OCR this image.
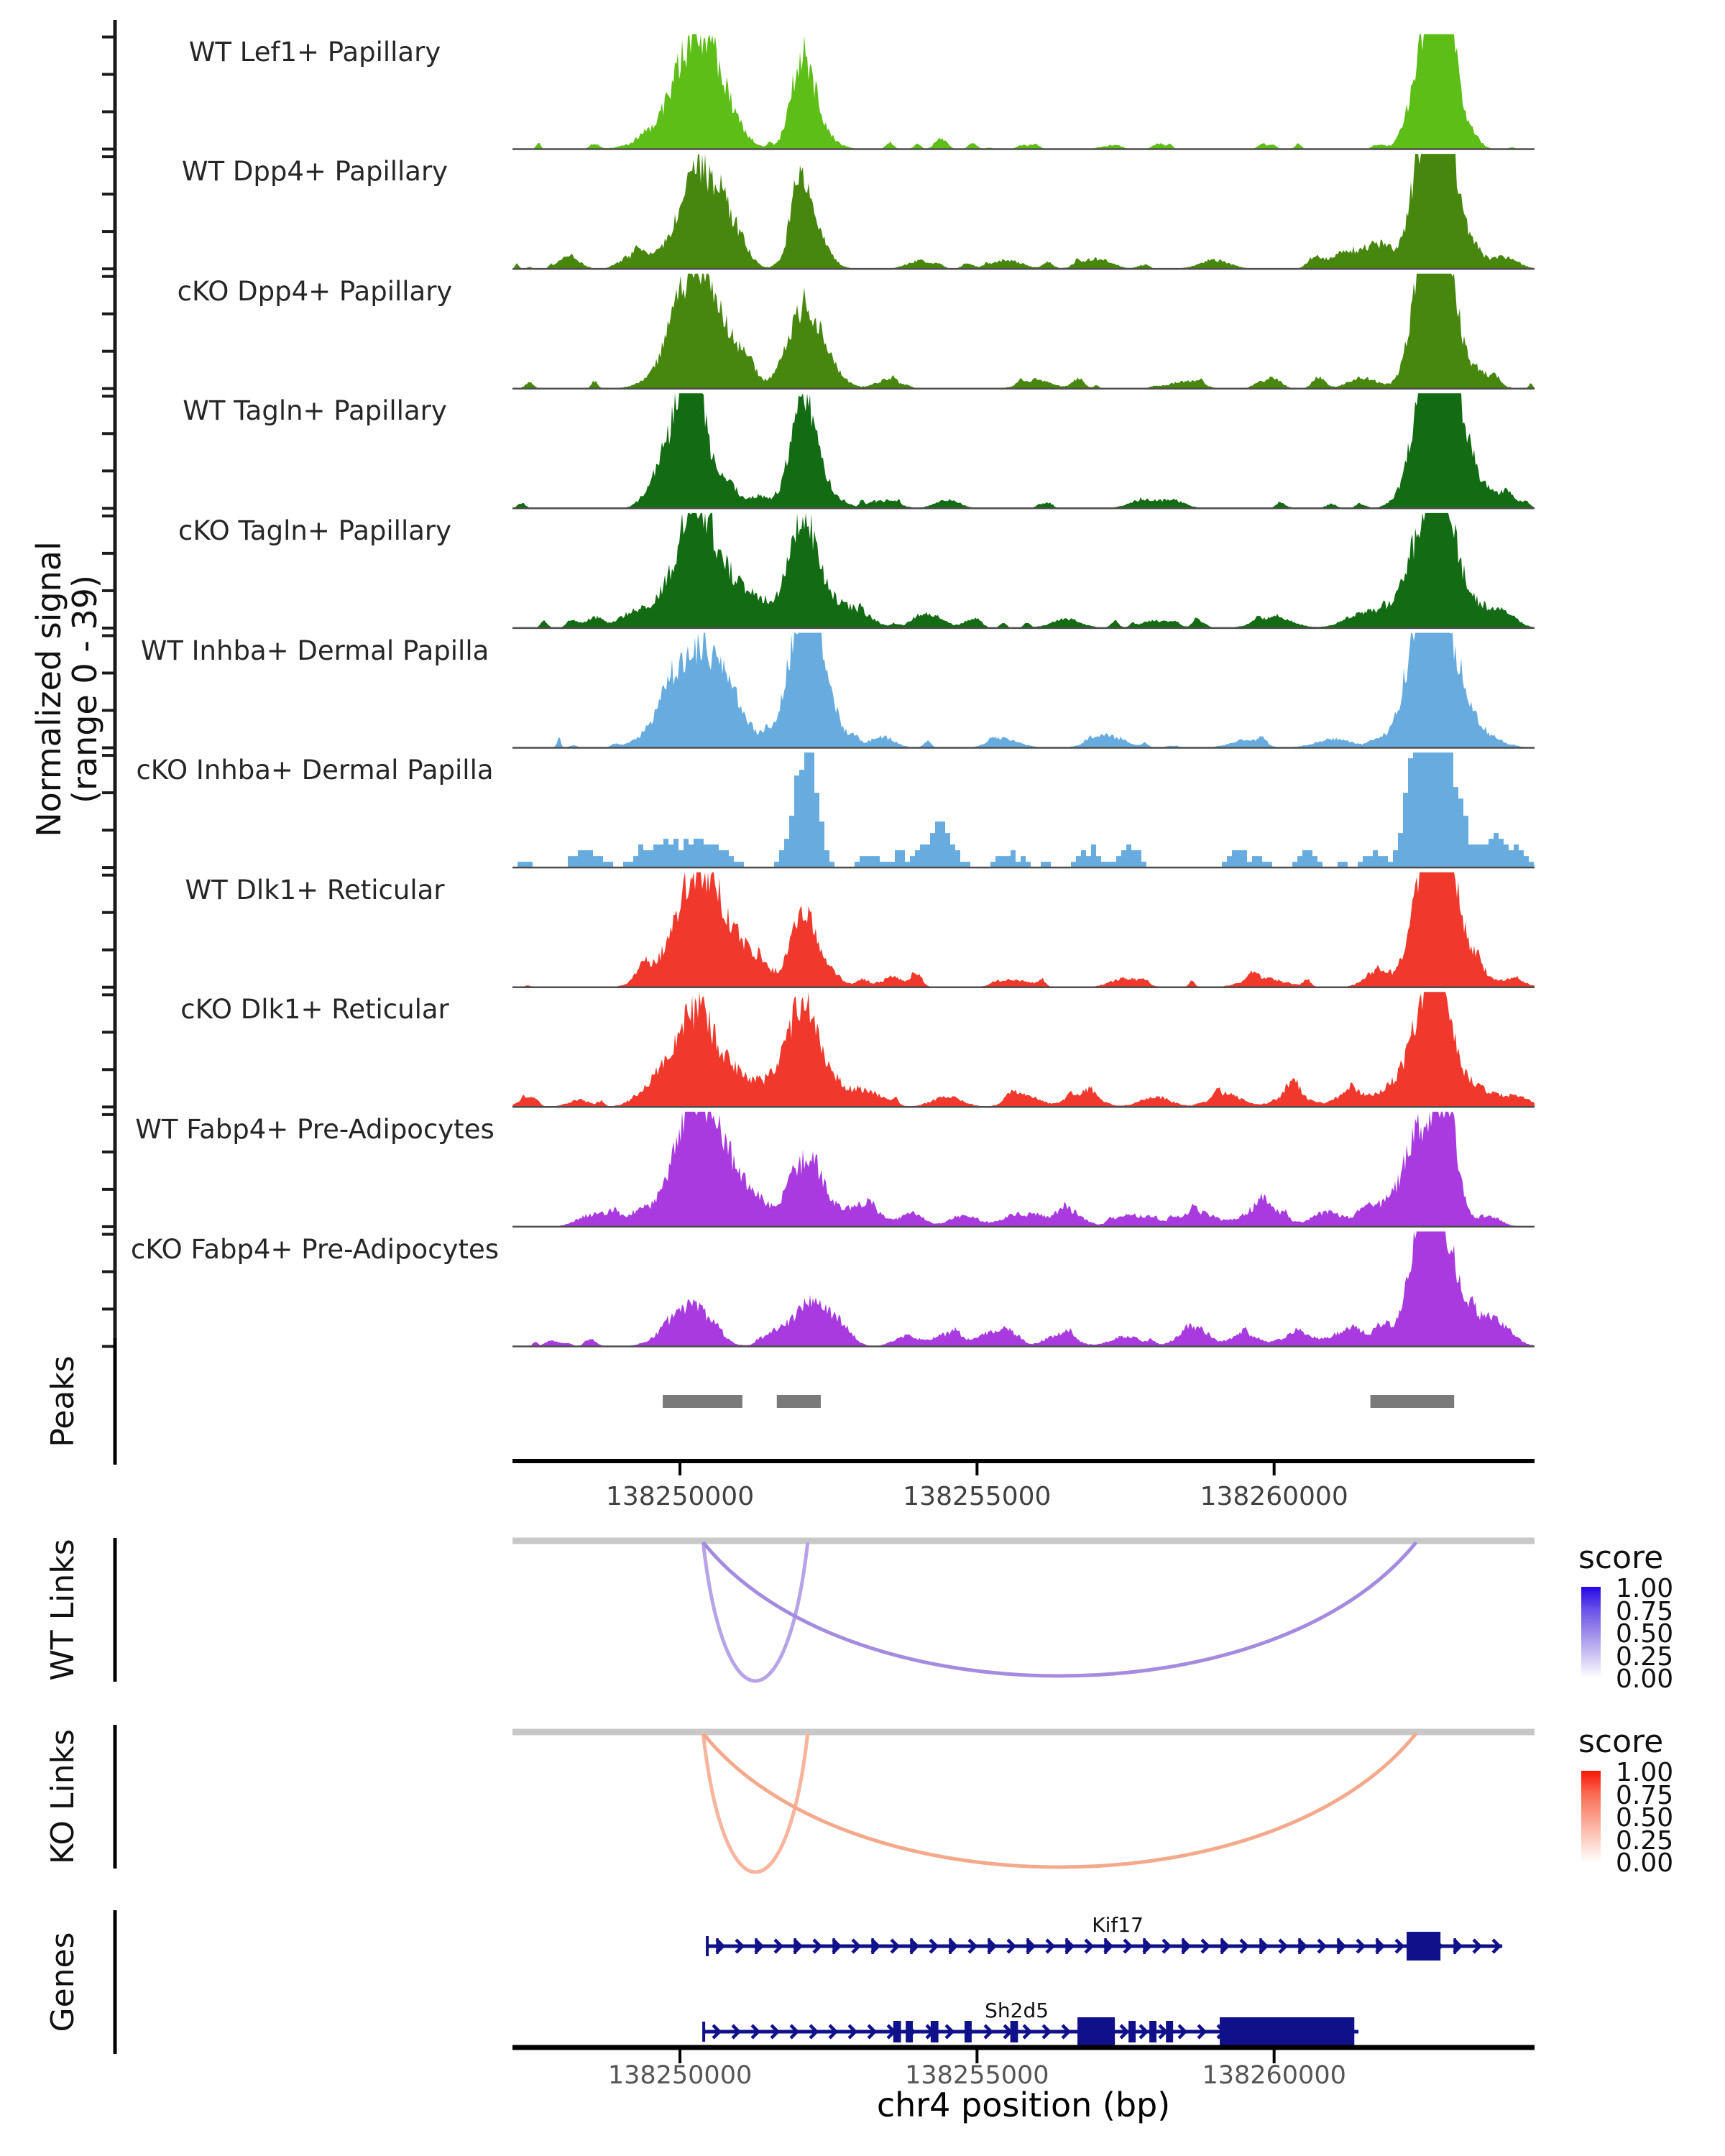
Normalized signal
(range 0 - 39)
Peaks
WT Links
KO Links
Genes
chr4 position (bp)
WT Lef1+ Papillary
WT Dpp4+ Papillary
cKO Dpp4+ Papillary
WT Tagln+ Papillary
cKO Tagln+ Papillary
WT Inhba+ Dermal Papilla
cKO Inhba+ Dermal Papilla
WT Dlk1+ Reticular
cKO Dlk1+ Reticular
WT Fabp4+ Pre-Adipocytes
cKO Fabp4+ Pre-Adipocytes
138250000	138255000	138260000
138250000	138255000	138260000
Kif17
Sh2d5
score
1.00
0.75
0.50
0.25
0.00
score
1.00
0.75
0.50
0.25
0.00
